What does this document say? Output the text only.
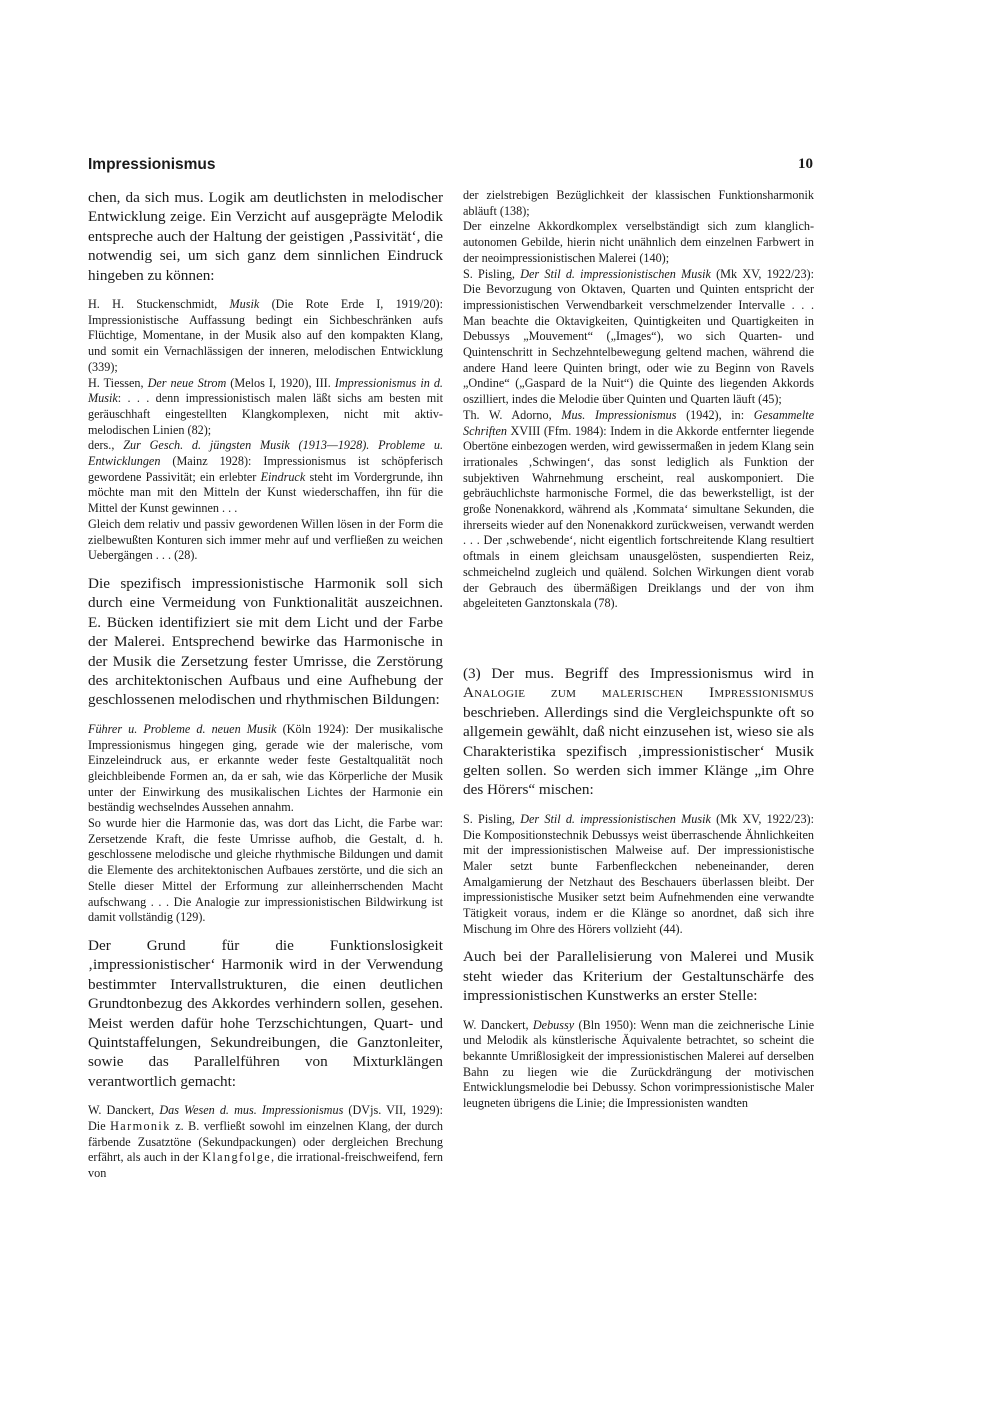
Impressionismus	10

chen, da sich mus. Logik am deutlichsten in melodischer Entwicklung zeige. Ein Verzicht auf ausgeprägte Melodik entspreche auch der Haltung der geistigen ‚Passivität‘, die notwendig sei, um sich ganz dem sinnlichen Eindruck hingeben zu können:

H. H. Stuckenschmidt, Musik (Die Rote Erde I, 1919/20): Impressionistische Auffassung bedingt ein Sichbeschränken aufs Flüchtige, Momentane, in der Musik also auf den kompakten Klang, und somit ein Vernachlässigen der inneren, melodischen Entwicklung (339);

H. Tiessen, Der neue Strom (Melos I, 1920), III. Impressionismus in d. Musik: . . . denn impressionistisch malen läßt sichs am besten mit geräuschhaft eingestellten Klangkomplexen, nicht mit aktiv-melodischen Linien (82);

ders., Zur Gesch. d. jüngsten Musik (1913—1928). Probleme u. Entwicklungen (Mainz 1928): Impressionismus ist schöpferisch gewordene Passivität; ein erlebter Eindruck steht im Vordergrunde, ihn möchte man mit den Mitteln der Kunst wiederschaffen, ihn für die Mittel der Kunst gewinnen . . .
Gleich dem relativ und passiv gewordenen Willen lösen in der Form die zielbewußten Konturen sich immer mehr auf und verfließen zu weichen Uebergängen . . . (28).

Die spezifisch impressionistische Harmonik soll sich durch eine Vermeidung von Funktionalität auszeichnen. E. Bücken identifiziert sie mit dem Licht und der Farbe der Malerei. Entsprechend bewirke das Harmonische in der Musik die Zersetzung fester Umrisse, die Zerstörung des architektonischen Aufbaus und eine Aufhebung der geschlossenen melodischen und rhythmischen Bildungen:

Führer u. Probleme d. neuen Musik (Köln 1924): Der musikalische Impressionismus hingegen ging, gerade wie der malerische, vom Einzeleindruck aus, er erkannte weder feste Gestaltqualität noch gleichbleibende Formen an, da er sah, wie das Körperliche der Musik unter der Einwirkung des musikalischen Lichtes der Harmonie ein beständig wechselndes Aussehen annahm.
So wurde hier die Harmonie das, was dort das Licht, die Farbe war: Zersetzende Kraft, die feste Umrisse aufhob, die Gestalt, d. h. geschlossene melodische und gleiche rhythmische Bildungen und damit die Elemente des architektonischen Aufbaues zerstörte, und die sich an Stelle dieser Mittel der Erformung zur alleinherrschenden Macht aufschwang . . . Die Analogie zur impressionistischen Bildwirkung ist damit vollständig (129).

Der Grund für die Funktionslosigkeit ‚impressionistischer‘ Harmonik wird in der Verwendung bestimmter Intervallstrukturen, die einen deutlichen Grundtonbezug des Akkordes verhindern sollen, gesehen. Meist werden dafür hohe Terzschichtungen, Quart- und Quintstaffelungen, Sekundreibungen, die Ganztonleiter, sowie das Parallelführen von Mixturklängen verantwortlich gemacht:

W. Danckert, Das Wesen d. mus. Impressionismus (DVjs. VII, 1929): Die Harmonik z. B. verfließt sowohl im einzelnen Klang, der durch färbende Zusatztöne (Sekundpackungen) oder dergleichen Brechung erfährt, als auch in der Klangfolge, die irrational-freischweifend, fern von

der zielstrebigen Bezüglichkeit der klassischen Funktionsharmonik abläuft (138);
Der einzelne Akkordkomplex verselbständigt sich zum klanglich-autonomen Gebilde, hierin nicht unähnlich dem einzelnen Farbwert in der neoimpressionistischen Malerei (140);

S. Pisling, Der Stil d. impressionistischen Musik (Mk XV, 1922/23): Die Bevorzugung von Oktaven, Quarten und Quinten entspricht der impressionistischen Verwendbarkeit verschmelzender Intervalle . . . Man beachte die Oktavigkeiten, Quintigkeiten und Quartigkeiten in Debussys „Mouvement“ („Images“), wo sich Quarten- und Quintenschritt in Sechzehntelbewegung geltend machen, während die andere Hand leere Quinten bringt, oder wie zu Beginn von Ravels „Ondine“ („Gaspard de la Nuit“) die Quinte des liegenden Akkords oszilliert, indes die Melodie über Quinten und Quarten läuft (45);

Th. W. Adorno, Mus. Impressionismus (1942), in: Gesammelte Schriften XVIII (Ffm. 1984): Indem in die Akkorde entfernter liegende Obertöne einbezogen werden, wird gewissermaßen in jedem Klang sein irrationales ‚Schwingen‘, das sonst lediglich als Funktion der subjektiven Wahrnehmung erscheint, real auskomponiert. Die gebräuchlichste harmonische Formel, die das bewerkstelligt, ist der große Nonenakkord, während als ‚Kommata‘ simultane Sekunden, die ihrerseits wieder auf den Nonenakkord zurückweisen, verwandt werden . . . Der ‚schwebende‘, nicht eigentlich fortschreitende Klang resultiert oftmals in einem gleichsam unausgelösten, suspendierten Reiz, schmeichelnd zugleich und quälend. Solchen Wirkungen dient vorab der Gebrauch des übermäßigen Dreiklangs und der von ihm abgeleiteten Ganztonskala (78).

(3) Der mus. Begriff des Impressionismus wird in Analogie zum malerischen Impressionismus beschrieben. Allerdings sind die Vergleichspunkte oft so allgemein gewählt, daß nicht einzusehen ist, wieso sie als Charakteristika spezifisch ‚impressionistischer‘ Musik gelten sollen. So werden sich immer Klänge „im Ohre des Hörers“ mischen:

S. Pisling, Der Stil d. impressionistischen Musik (Mk XV, 1922/23): Die Kompositionstechnik Debussys weist überraschende Ähnlichkeiten mit der impressionistischen Malweise auf. Der impressionistische Maler setzt bunte Farbenfleckchen nebeneinander, deren Amalgamierung der Netzhaut des Beschauers überlassen bleibt. Der impressionistische Musiker setzt beim Aufnehmenden eine verwandte Tätigkeit voraus, indem er die Klänge so anordnet, daß sich ihre Mischung im Ohre des Hörers vollzieht (44).

Auch bei der Parallelisierung von Malerei und Musik steht wieder das Kriterium der Gestaltunschärfe des impressionistischen Kunstwerks an erster Stelle:

W. Danckert, Debussy (Bln 1950): Wenn man die zeichnerische Linie und Melodik als künstlerische Äquivalente betrachtet, so scheint die bekannte Umrißlosigkeit der impressionistischen Malerei auf derselben Bahn zu liegen wie die Zurückdrängung der motivischen Entwicklungsmelodie bei Debussy. Schon vorimpressionistische Maler leugneten übrigens die Linie; die Impressionisten wandten
